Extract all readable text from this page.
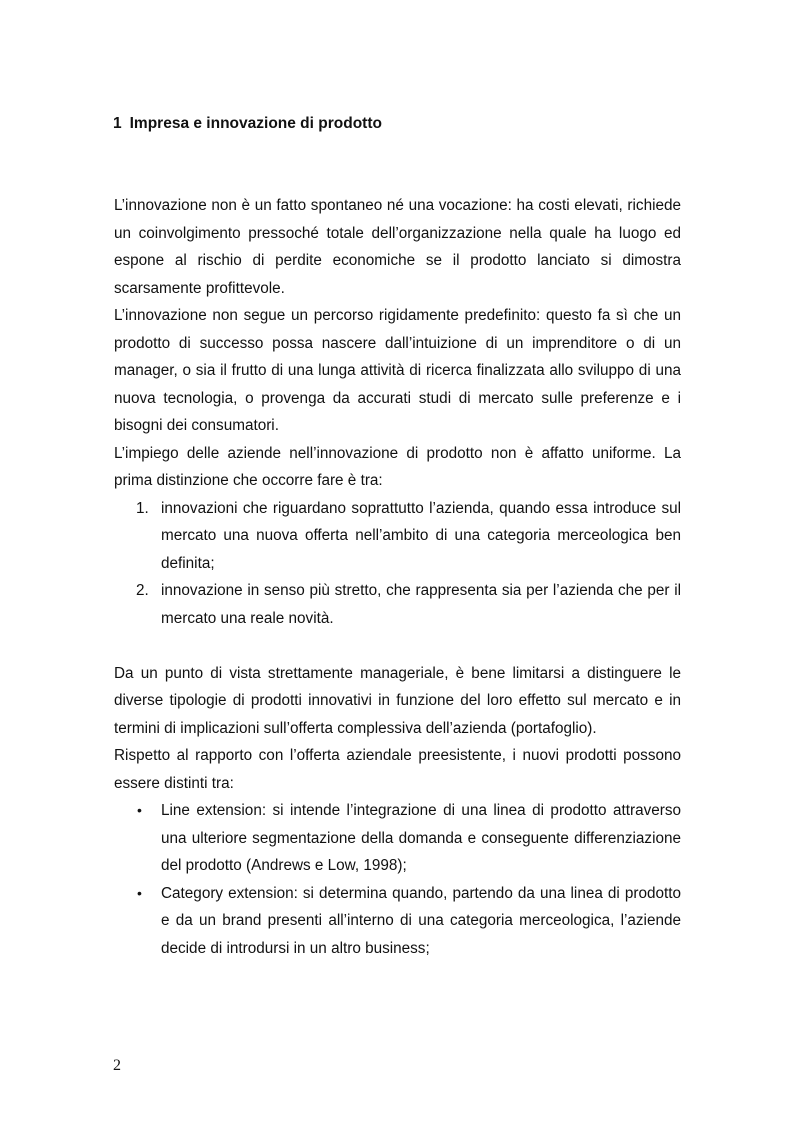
1 Impresa e innovazione di prodotto

L’innovazione non è un fatto spontaneo né una vocazione: ha costi elevati, richiede un coinvolgimento pressoché totale dell’organizzazione nella quale ha luogo ed espone al rischio di perdite economiche se il prodotto lanciato si dimostra scarsamente profittevole.

L’innovazione non segue un percorso rigidamente predefinito: questo fa sì che un prodotto di successo possa nascere dall’intuizione di un imprenditore o di un manager, o sia il frutto di una lunga attività di ricerca finalizzata allo sviluppo di una nuova tecnologia, o provenga da accurati studi di mercato sulle preferenze e i bisogni dei consumatori.

L’impiego delle aziende nell’innovazione di prodotto non è affatto uniforme. La prima distinzione che occorre fare è tra:

1. innovazioni che riguardano soprattutto l’azienda, quando essa introduce sul mercato una nuova offerta nell’ambito di una categoria merceologica ben definita;
2. innovazione in senso più stretto, che rappresenta sia per l’azienda che per il mercato una reale novità.

Da un punto di vista strettamente manageriale, è bene limitarsi a distinguere le diverse tipologie di prodotti innovativi in funzione del loro effetto sul mercato e in termini di implicazioni sull’offerta complessiva dell’azienda (portafoglio).

Rispetto al rapporto con l’offerta aziendale preesistente, i nuovi prodotti possono essere distinti tra:

• Line extension: si intende l’integrazione di una linea di prodotto attraverso una ulteriore segmentazione della domanda e conseguente differenziazione del prodotto (Andrews e Low, 1998);
• Category extension: si determina quando, partendo da una linea di prodotto e da un brand presenti all’interno di una categoria merceologica, l’aziende decide di introdursi in un altro business;
2
